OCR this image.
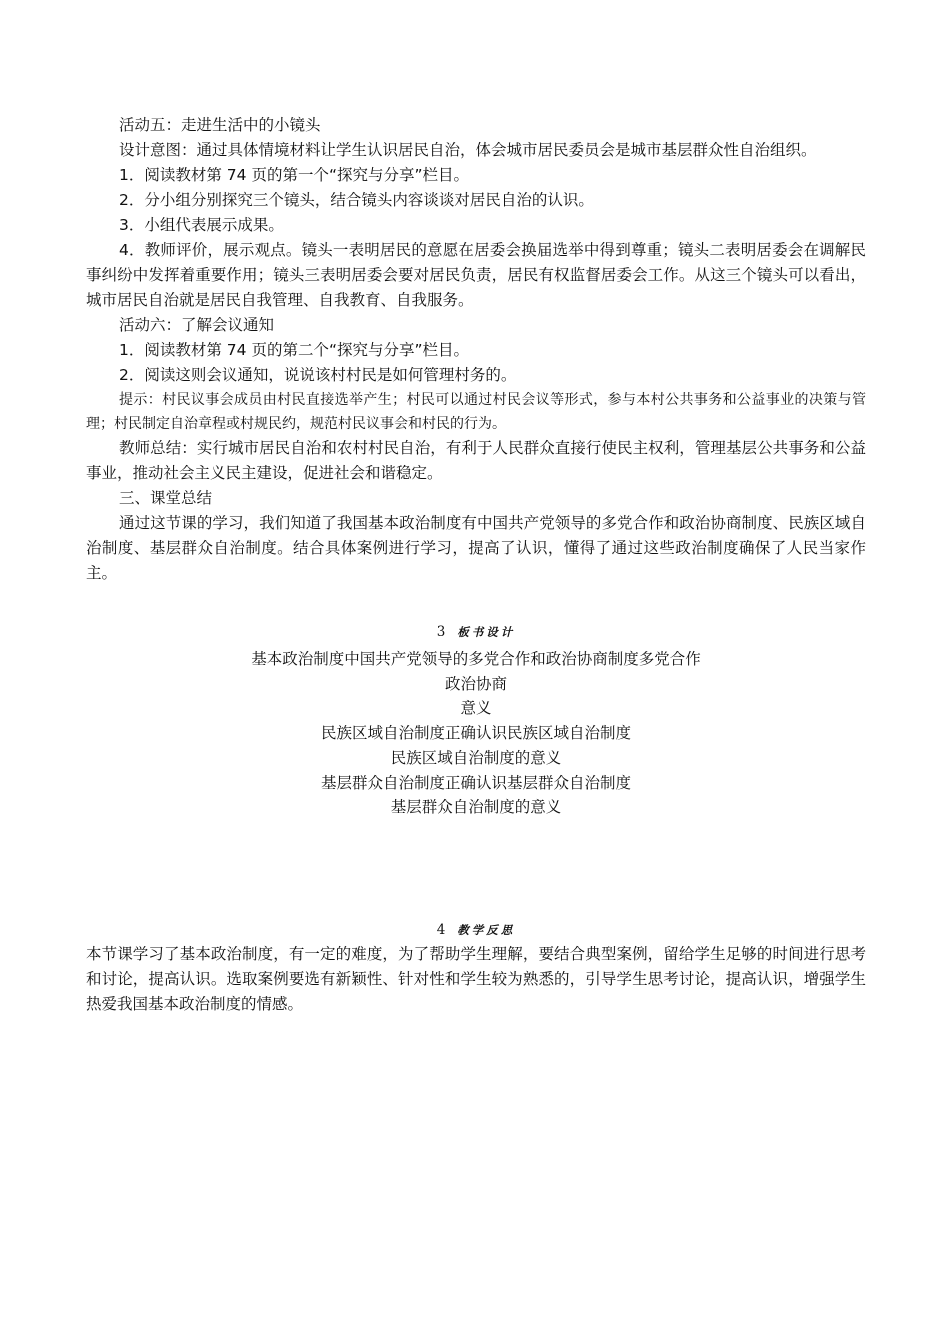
活动五：走进生活中的小镜头

设计意图：通过具体情境材料让学生认识居民自治，体会城市居民委员会是城市基层群众性自治组织。

1．阅读教材第 74 页的第一个“探究与分享”栏目。

2．分小组分别探究三个镜头，结合镜头内容谈谈对居民自治的认识。

3．小组代表展示成果。

4．教师评价，展示观点。镜头一表明居民的意愿在居委会换届选举中得到尊重；镜头二表明居委会在调解民事纠纷中发挥着重要作用；镜头三表明居委会要对居民负责，居民有权监督居委会工作。从这三个镜头可以看出，城市居民自治就是居民自我管理、自我教育、自我服务。

活动六：了解会议通知

1．阅读教材第 74 页的第二个“探究与分享”栏目。

2．阅读这则会议通知，说说该村村民是如何管理村务的。

提示：村民议事会成员由村民直接选举产生；村民可以通过村民会议等形式，参与本村公共事务和公益事业的决策与管理；村民制定自治章程或村规民约，规范村民议事会和村民的行为。

教师总结：实行城市居民自治和农村村民自治，有利于人民群众直接行使民主权利，管理基层公共事务和公益事业，推动社会主义民主建设，促进社会和谐稳定。

三、课堂总结

通过这节课的学习，我们知道了我国基本政治制度有中国共产党领导的多党合作和政治协商制度、民族区域自治制度、基层群众自治制度。结合具体案例进行学习，提高了认识，懂得了通过这些政治制度确保了人民当家作主。

3 板书设计

基本政治制度中国共产党领导的多党合作和政治协商制度多党合作

政治协商

意义

民族区域自治制度正确认识民族区域自治制度

民族区域自治制度的意义

基层群众自治制度正确认识基层群众自治制度

基层群众自治制度的意义

4 教学反思

本节课学习了基本政治制度，有一定的难度，为了帮助学生理解，要结合典型案例，留给学生足够的时间进行思考和讨论，提高认识。选取案例要选有新颖性、针对性和学生较为熟悉的，引导学生思考讨论，提高认识，增强学生热爱我国基本政治制度的情感。
